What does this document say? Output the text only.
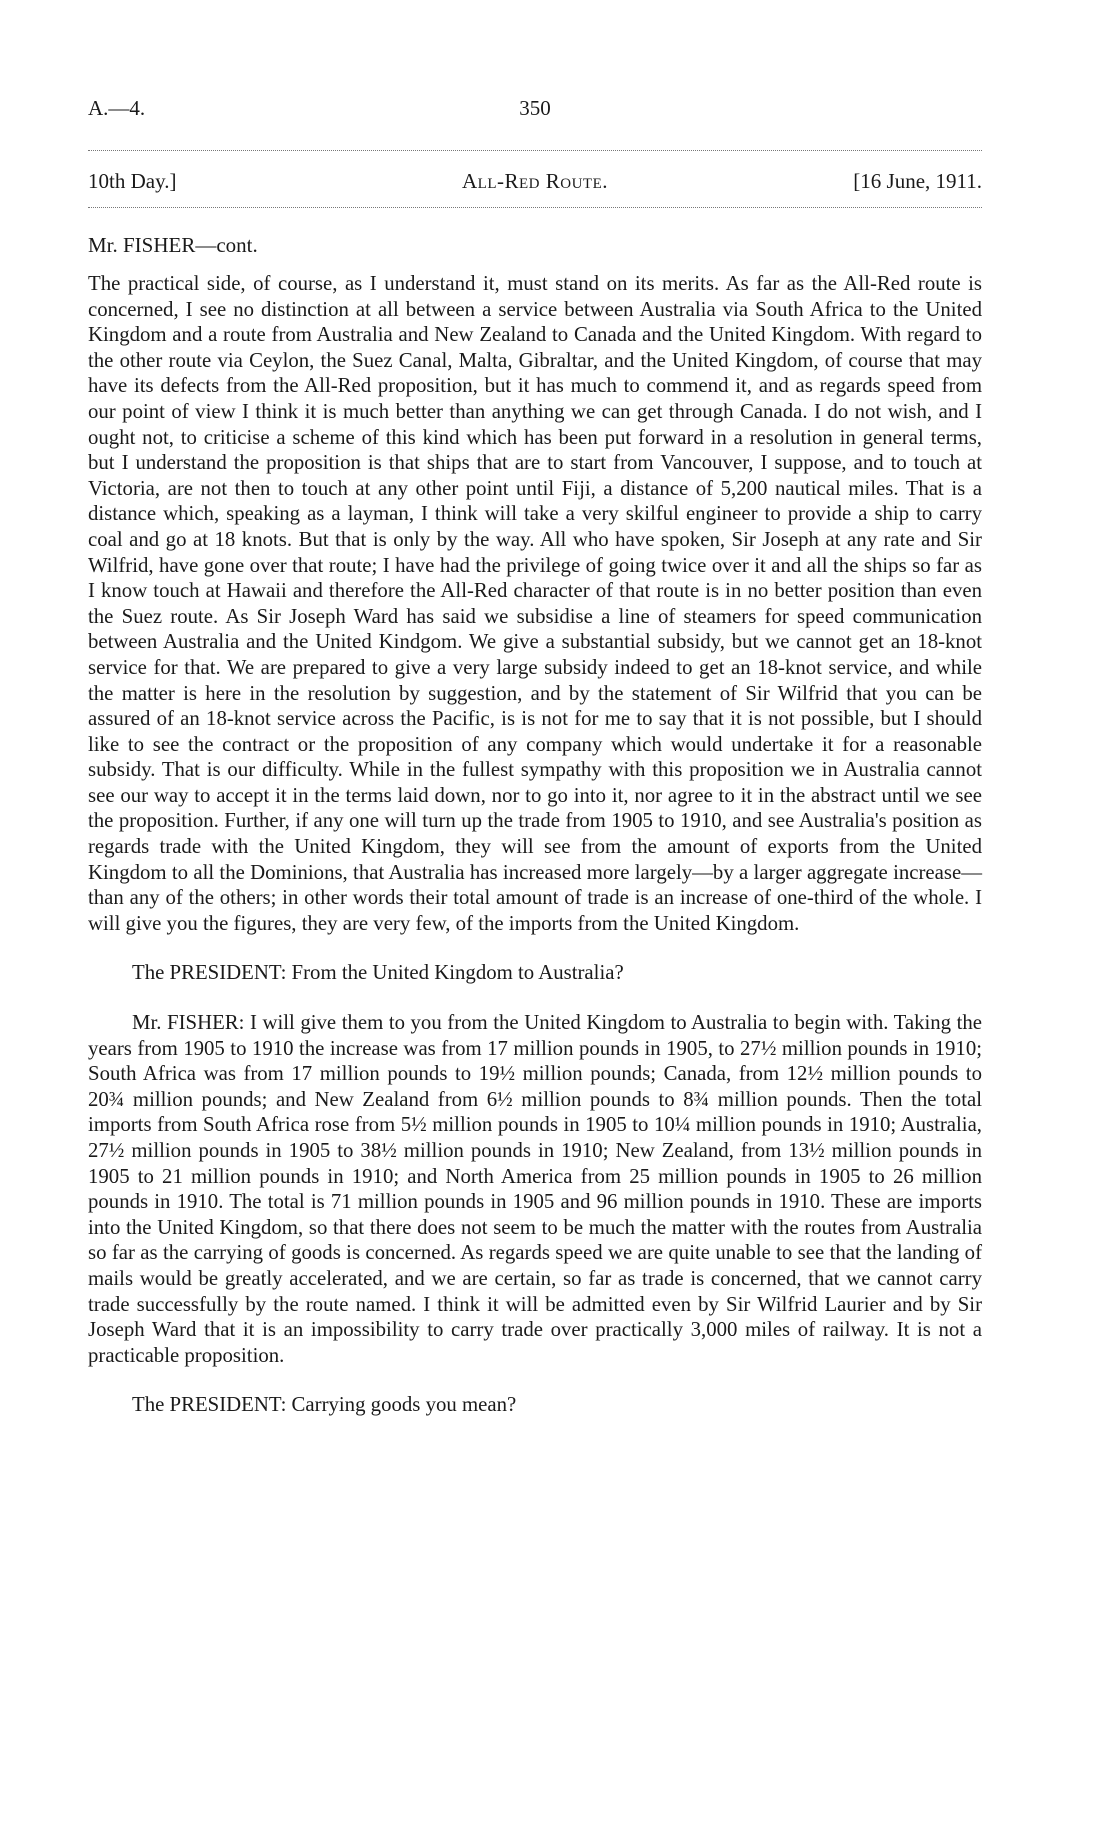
A.—4.	350
10th Day.]	All-Red Route.	[16 June, 1911.
Mr. FISHER—cont.

The practical side, of course, as I understand it, must stand on its merits. As far as the All-Red route is concerned, I see no distinction at all between a service between Australia via South Africa to the United Kingdom and a route from Australia and New Zealand to Canada and the United Kingdom. With regard to the other route via Ceylon, the Suez Canal, Malta, Gibraltar, and the United Kingdom, of course that may have its defects from the All-Red proposition, but it has much to commend it, and as regards speed from our point of view I think it is much better than anything we can get through Canada. I do not wish, and I ought not, to criticise a scheme of this kind which has been put forward in a resolution in general terms, but I understand the proposition is that ships that are to start from Vancouver, I suppose, and to touch at Victoria, are not then to touch at any other point until Fiji, a distance of 5,200 nautical miles. That is a distance which, speaking as a layman, I think will take a very skilful engineer to provide a ship to carry coal and go at 18 knots. But that is only by the way. All who have spoken, Sir Joseph at any rate and Sir Wilfrid, have gone over that route; I have had the privilege of going twice over it and all the ships so far as I know touch at Hawaii and therefore the All-Red character of that route is in no better position than even the Suez route. As Sir Joseph Ward has said we subsidise a line of steamers for speed communication between Australia and the United Kindgom. We give a substantial subsidy, but we cannot get an 18-knot service for that. We are prepared to give a very large subsidy indeed to get an 18-knot service, and while the matter is here in the resolution by suggestion, and by the statement of Sir Wilfrid that you can be assured of an 18-knot service across the Pacific, is is not for me to say that it is not possible, but I should like to see the contract or the proposition of any company which would undertake it for a reasonable subsidy. That is our difficulty. While in the fullest sympathy with this proposition we in Australia cannot see our way to accept it in the terms laid down, nor to go into it, nor agree to it in the abstract until we see the proposition. Further, if any one will turn up the trade from 1905 to 1910, and see Australia's position as regards trade with the United Kingdom, they will see from the amount of exports from the United Kingdom to all the Dominions, that Australia has increased more largely—by a larger aggregate increase—than any of the others; in other words their total amount of trade is an increase of one-third of the whole. I will give you the figures, they are very few, of the imports from the United Kingdom.

The PRESIDENT: From the United Kingdom to Australia?

Mr. FISHER: I will give them to you from the United Kingdom to Australia to begin with. Taking the years from 1905 to 1910 the increase was from 17 million pounds in 1905, to 27½ million pounds in 1910; South Africa was from 17 million pounds to 19½ million pounds; Canada, from 12½ million pounds to 20¾ million pounds; and New Zealand from 6½ million pounds to 8¾ million pounds. Then the total imports from South Africa rose from 5½ million pounds in 1905 to 10¼ million pounds in 1910; Australia, 27½ million pounds in 1905 to 38½ million pounds in 1910; New Zealand, from 13½ million pounds in 1905 to 21 million pounds in 1910; and North America from 25 million pounds in 1905 to 26 million pounds in 1910. The total is 71 million pounds in 1905 and 96 million pounds in 1910. These are imports into the United Kingdom, so that there does not seem to be much the matter with the routes from Australia so far as the carrying of goods is concerned. As regards speed we are quite unable to see that the landing of mails would be greatly accelerated, and we are certain, so far as trade is concerned, that we cannot carry trade successfully by the route named. I think it will be admitted even by Sir Wilfrid Laurier and by Sir Joseph Ward that it is an impossibility to carry trade over practically 3,000 miles of railway. It is not a practicable proposition.

The PRESIDENT: Carrying goods you mean?
